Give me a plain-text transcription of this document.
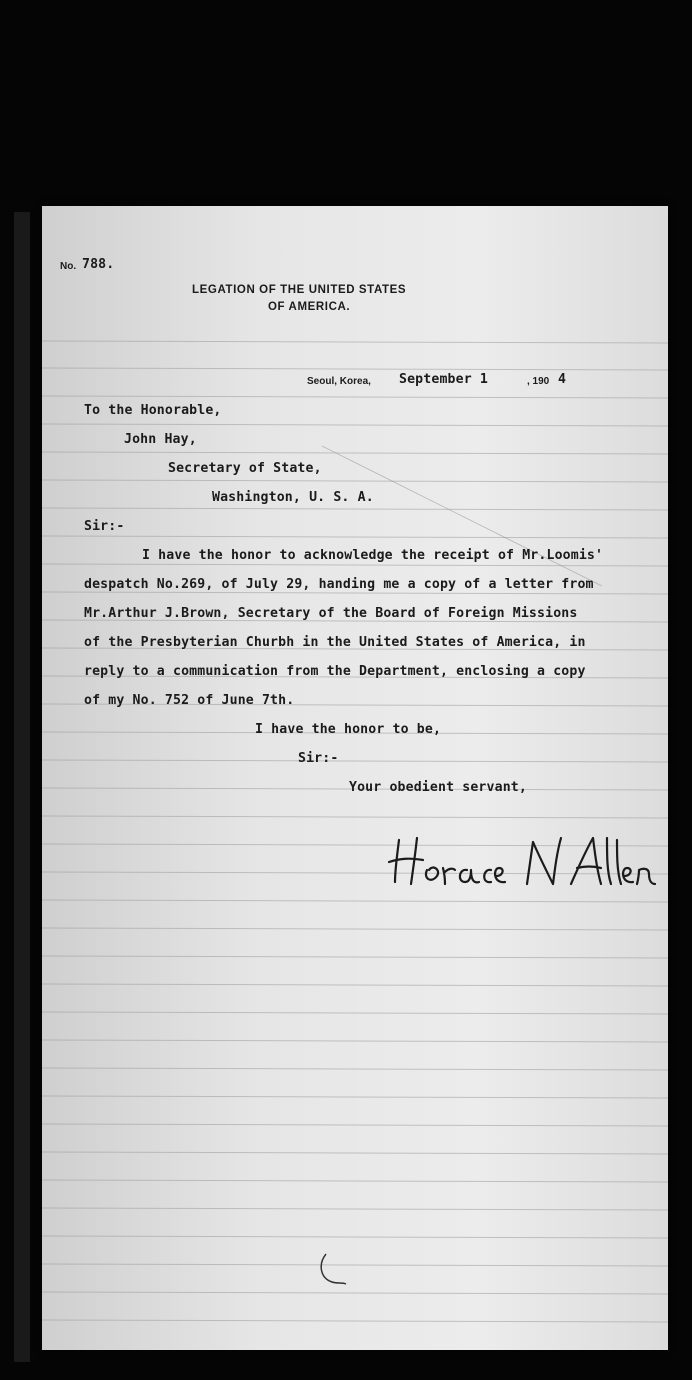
No. 788.
LEGATION OF THE UNITED STATES
OF AMERICA.
Seoul, Korea, September 1	, 190 4
To the Honorable,
John Hay,
Secretary of State,
Washington, U. S. A.
Sir:-
I have the honor to acknowledge the receipt of Mr.Loomis'
despatch No.269, of July 29, handing me a copy of a letter from
Mr.Arthur J.Brown, Secretary of the Board of Foreign Missions
of the Presbyterian Churbh in the United States of America, in
reply to a communication from the Department, enclosing a copy
of my No. 752 of June 7th.
I have the honor to be,
Sir:-
Your obedient servant,
